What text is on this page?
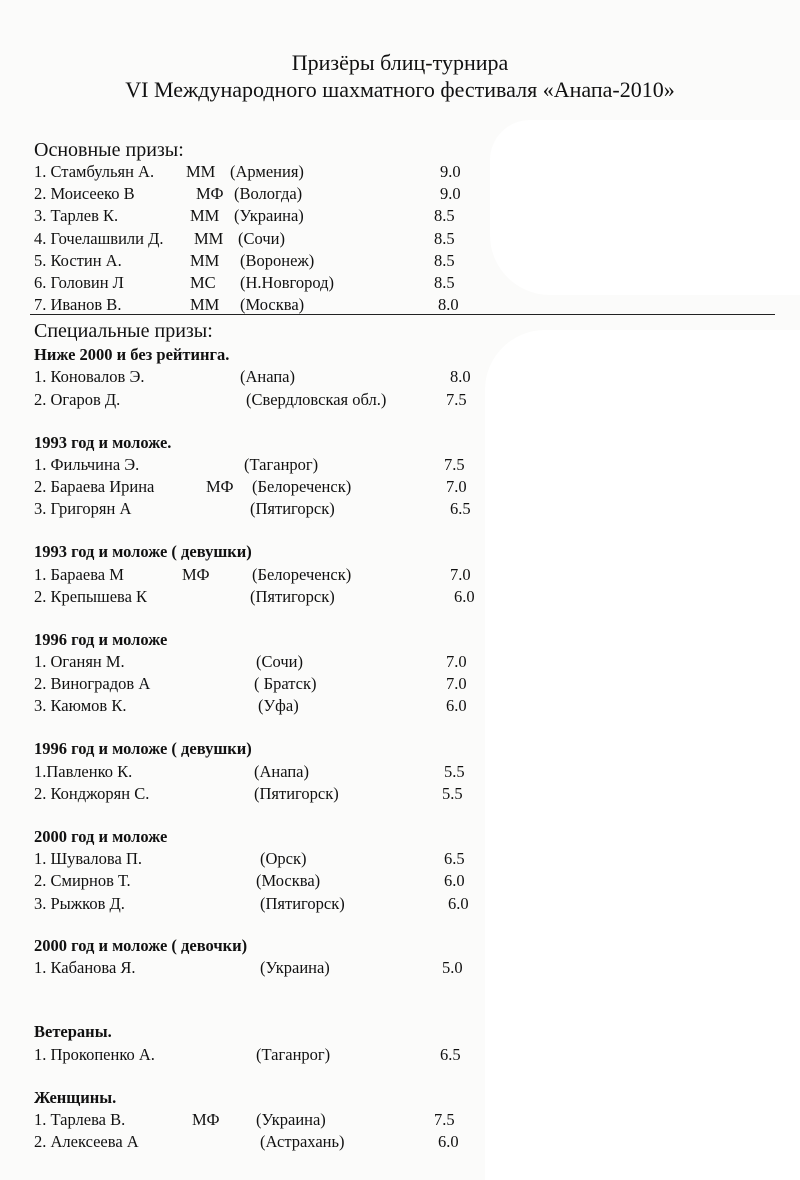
Призёры блиц-турнира
VI Международного шахматного фестиваля «Анапа-2010»
Основные призы:
1. Стамбульян А. ММ (Армения)	9.0
2. Моисеeко В	МФ (Вологда)	9.0
3. Тарлев К.	ММ (Украина)	8.5
4. Гочелашвили Д. ММ (Сочи)	8.5
5. Костин А.	ММ (Воронеж)	8.5
6. Головин Л	МС (Н.Новгород)	8.5
7. Иванов В.	ММ (Москва)	8.0
Специальные призы:
Ниже 2000 и без рейтинга.
1. Коновалов Э.	(Анапа)	8.0
2. Огаров Д.	(Свердловская обл.)	7.5
1993 год и моложе.
1. Фильчина Э.	(Таганрог)	7.5
2. Бараева Ирина	МФ (Белореченск)	7.0
3. Григорян А	(Пятигорск)	6.5
1993 год и моложе ( девушки)
1. Бараева М	МФ	(Белореченск)	7.0
2. Крепышева К	(Пятигорск)	6.0
1996 год и моложе
1. Оганян М.	(Сочи)	7.0
2. Виноградов А	( Братск)	7.0
3. Каюмов К.	(Уфа)	6.0
1996 год и моложе ( девушки)
1.Павленко К.	(Анапа)	5.5
2. Конджорян С.	(Пятигорск)	5.5
2000 год и моложе
1. Шувалова П.	(Орск)	6.5
2. Смирнов Т.	(Москва)	6.0
3. Рыжков Д.	(Пятигорск)	6.0
2000 год и моложе ( девочки)
1. Кабанова Я.	(Украина)	5.0
Ветераны.
1. Прокопенко А.	(Таганрог)	6.5
Женщины.
1. Тарлева В.	МФ (Украина)	7.5
2. Алексеева А	(Астрахань)	6.0
